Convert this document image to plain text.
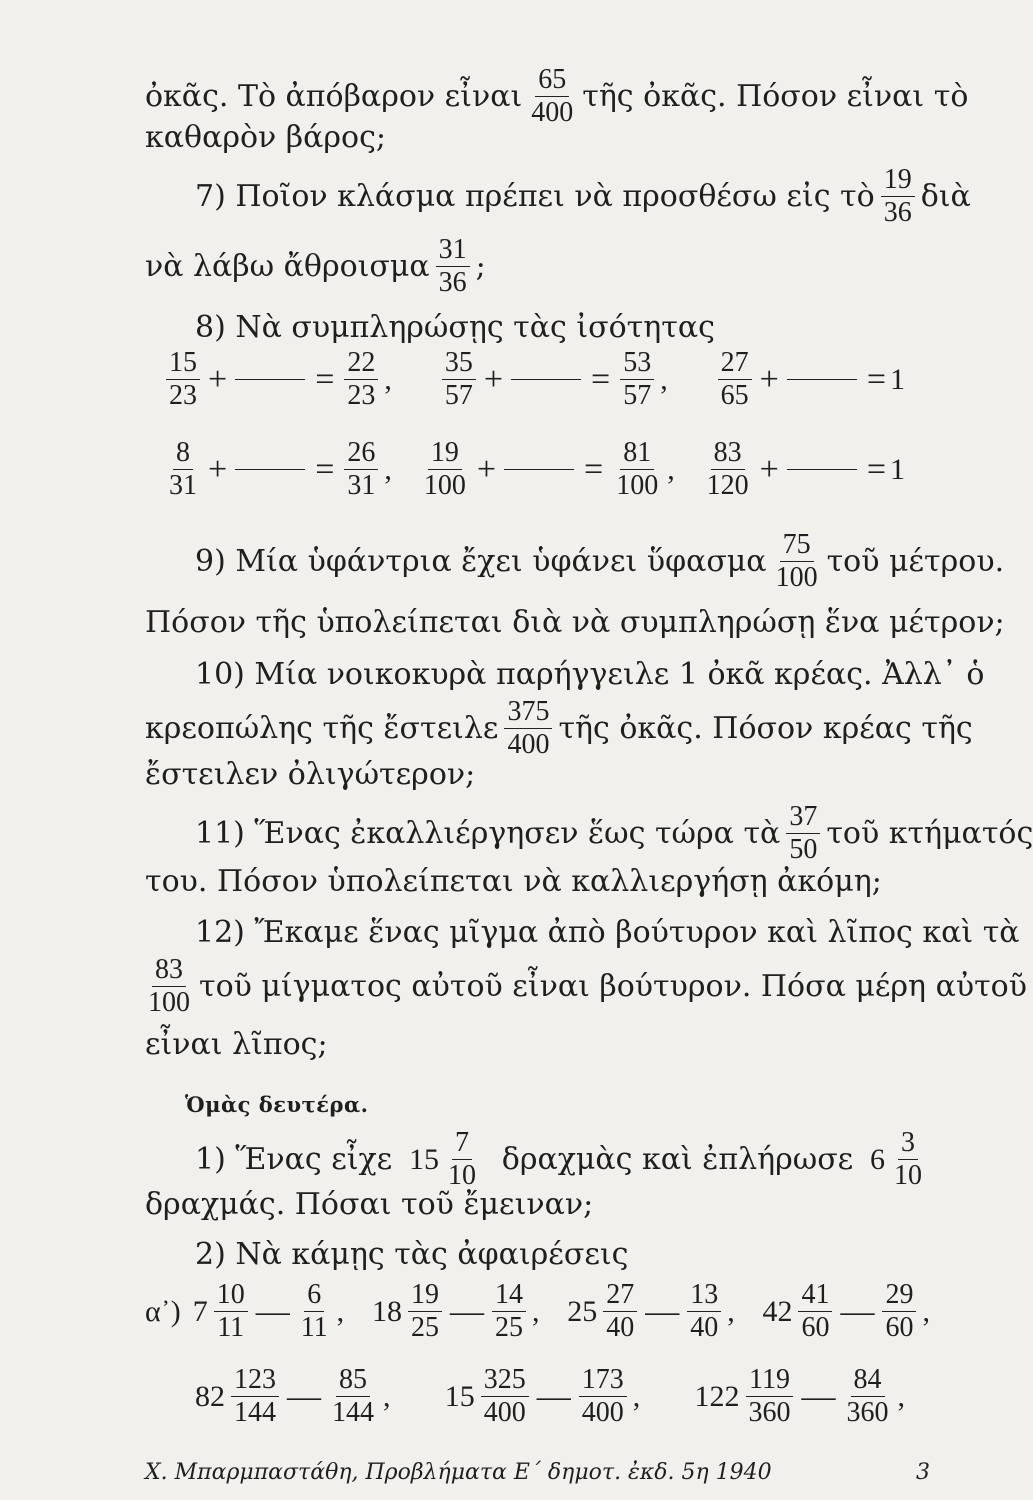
ὀκᾶς. Τὸ ἀπόβαρον εἶναι $\frac{65}{400}$ τῆς ὀκᾶς. Πόσον εἶναι τὸ
καθαρὸν βάρος;
7) Ποῖον κλάσμα πρέπει νὰ προσθέσω εἰς τὸ $\frac{19}{36}$ διὰ
νὰ λάβω ἄθροισμα $\frac{31}{36}$ ;
8) Νὰ συμπληρώσῃς τὰς ἰσότητας
$\frac{15}{23}$ +

	= $\frac{22}{23}$ , $\frac{35}{57}$ +

	= $\frac{53}{57}$ , $\frac{27}{65}$ +

	= 1
$\frac{8}{31}$ +

	= $\frac{26}{31}$ , $\frac{19}{100}$ +

	= $\frac{81}{100}$ , $\frac{83}{120}$ +

	= 1
9) Μία ὑφάντρια ἔχει ὑφάνει ὕφασμα $\frac{75}{100}$ τοῦ μέτρου.
Πόσον τῆς ὑπολείπεται διὰ νὰ συμπληρώσῃ ἕνα μέτρον;
10) Μία νοικοκυρὰ παρήγγειλε 1 ὀκᾶ κρέας. Ἀλλ᾽ ὁ
κρεοπώλης τῆς ἔστειλε $\frac{375}{400}$ τῆς ὀκᾶς. Πόσον κρέας τῆς
ἔστειλεν ὀλιγώτερον;
11) Ἕνας ἐκαλλιέργησεν ἕως τώρα τὰ $\frac{37}{50}$ τοῦ κτήματός
του. Πόσον ὑπολείπεται νὰ καλλιεργήσῃ ἀκόμη;
12) Ἔκαμε ἕνας μῖγμα ἀπὸ βούτυρον καὶ λῖπος καὶ τὰ
$\frac{83}{100}$ τοῦ μίγματος αὐτοῦ εἶναι βούτυρον. Πόσα μέρη αὐτοῦ
εἶναι λῖπος;
Ὁμὰς δευτέρα.
1) Ἕνας εἶχε $15 \frac{7}{10}$ δραχμὰς καὶ ἐπλήρωσε $6 \frac{3}{10}$
δραχμάς. Πόσαι τοῦ ἔμειναν;
2) Νὰ κάμῃς τὰς ἀφαιρέσεις
α᾽) $7 \frac{10}{11}$ — $\frac{6}{11}$ , $18 \frac{19}{25}$ — $\frac{14}{25}$ , $25 \frac{27}{40}$ — $\frac{13}{40}$ , $42 \frac{41}{60}$ — $\frac{29}{60}$ ,
$82 \frac{123}{144}$ — $\frac{85}{144}$ , $15 \frac{325}{400}$ — $\frac{173}{400}$ , $122 \frac{119}{360}$ — $\frac{84}{360}$ ,
Χ. Μπαρμπαστάθη, Προβλήματα Ε΄ δημοτ. ἐκδ. 5η 1940	3
